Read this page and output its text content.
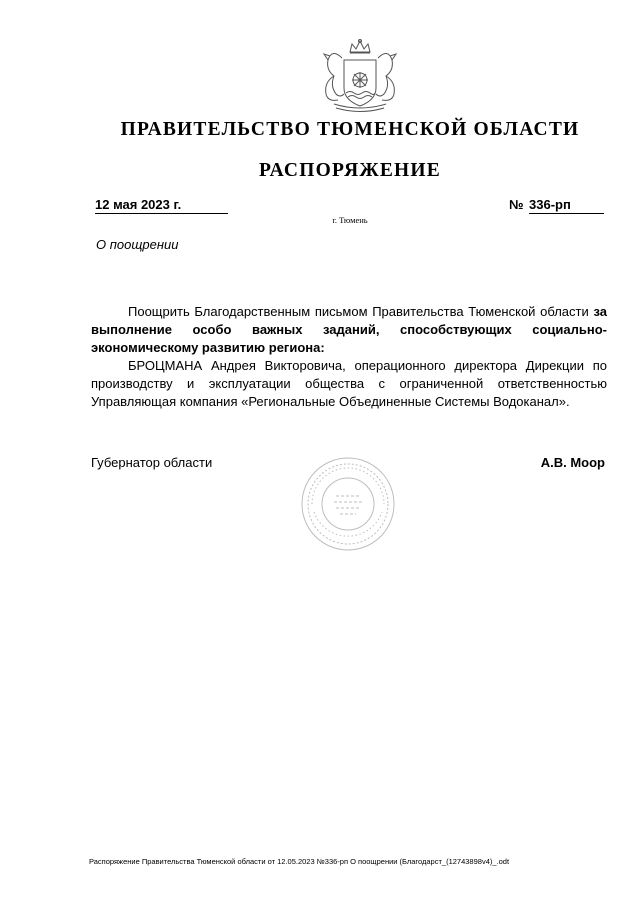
ПРАВИТЕЛЬСТВО ТЮМЕНСКОЙ ОБЛАСТИ
РАСПОРЯЖЕНИЕ
12 мая 2023 г.	№ 336-рп
г. Тюмень
О поощрении

Поощрить Благодарственным письмом Правительства Тюменской области за выполнение особо важных заданий, способствующих социально-экономическому развитию региона:

БРОЦМАНА Андрея Викторовича, операционного директора Дирекции по производству и эксплуатации общества с ограниченной ответственностью Управляющая компания «Региональные Объединенные Системы Водоканал».

Губернатор области	А.В. Моор
Распоряжение Правительства Тюменской области от 12.05.2023 №336-рп О поощрении (Благодарст_(12743898v4)_.odt
